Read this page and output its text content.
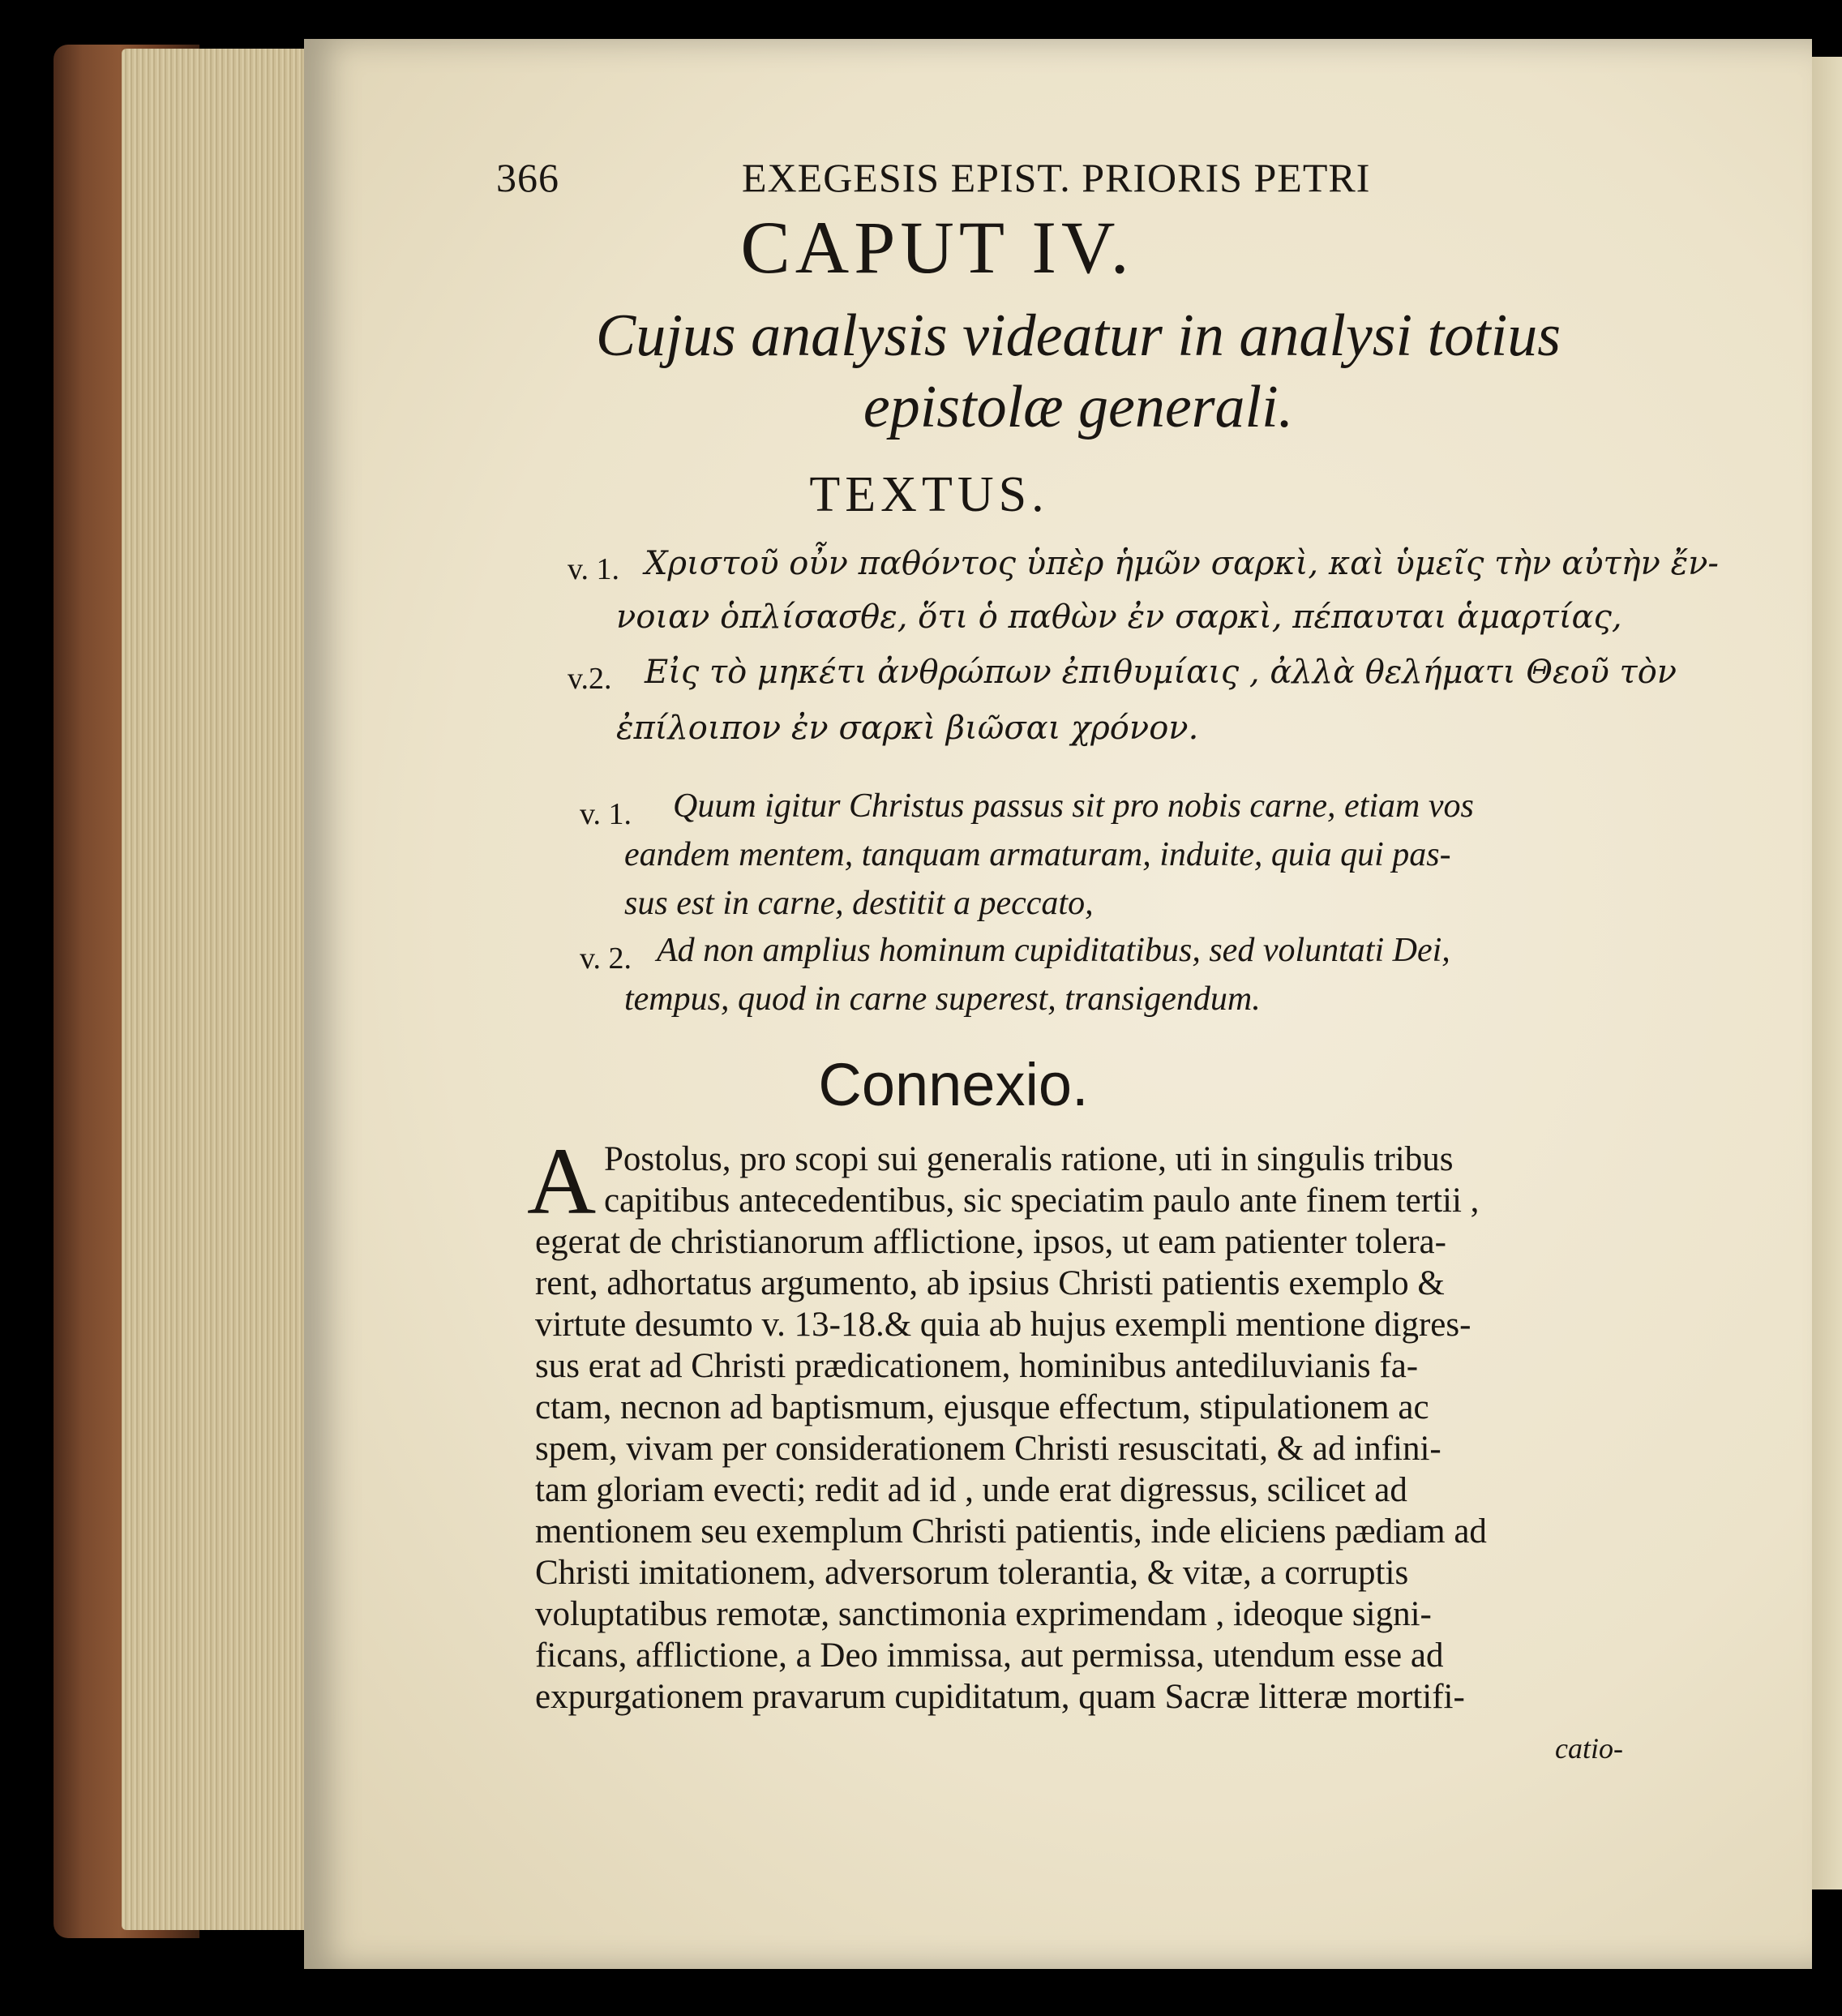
366	EXEGESIS EPIST. PRIORIS PETRI
CAPUT IV.
Cujus analysis videatur in analysi totius
epistolæ generali.
TEXTUS.
v. 1. Χριστοῦ οὖν παθόντος ὑπὲρ ἡμῶν σαρκὶ, καὶ ὑμεῖς τὴν αὐτὴν ἔν-
νοιαν ὁπλίσασθε, ὅτι ὁ παθὼν ἐν σαρκὶ, πέπαυται ἁμαρτίας,
v.2. Εἰς τὸ μηκέτι ἀνθρώπων ἐπιθυμίαις , ἀλλὰ θελήματι Θεοῦ τὸν
ἐπίλοιπον ἐν σαρκὶ βιῶσαι χρόνον.
v. 1. Quum igitur Christus passus sit pro nobis carne, etiam vos
eandem mentem, tanquam armaturam, induite, quia qui pas-
sus est in carne, destitit a peccato,
v. 2. Ad non amplius hominum cupiditatibus, sed voluntati Dei,
tempus, quod in carne superest, transigendum.
Connexio.
A Postolus, pro scopi sui generalis ratione, uti in singulis tribus
capitibus antecedentibus, sic speciatim paulo ante finem tertii ,
egerat de christianorum afflictione, ipsos, ut eam patienter tolera-
rent, adhortatus argumento, ab ipsius Christi patientis exemplo &
virtute desumto v. 13-18.& quia ab hujus exempli mentione digres-
sus erat ad Christi prædicationem, hominibus antediluvianis fa-
ctam, necnon ad baptismum, ejusque effectum, stipulationem ac
spem, vivam per considerationem Christi resuscitati, & ad infini-
tam gloriam evecti; redit ad id , unde erat digressus, scilicet ad
mentionem seu exemplum Christi patientis, inde eliciens pædiam ad
Christi imitationem, adversorum tolerantia, & vitæ, a corruptis
voluptatibus remotæ, sanctimonia exprimendam , ideoque signi-
ficans, afflictione, a Deo immissa, aut permissa, utendum esse ad
expurgationem pravarum cupiditatum, quam Sacræ litteræ mortifi-
catio-
